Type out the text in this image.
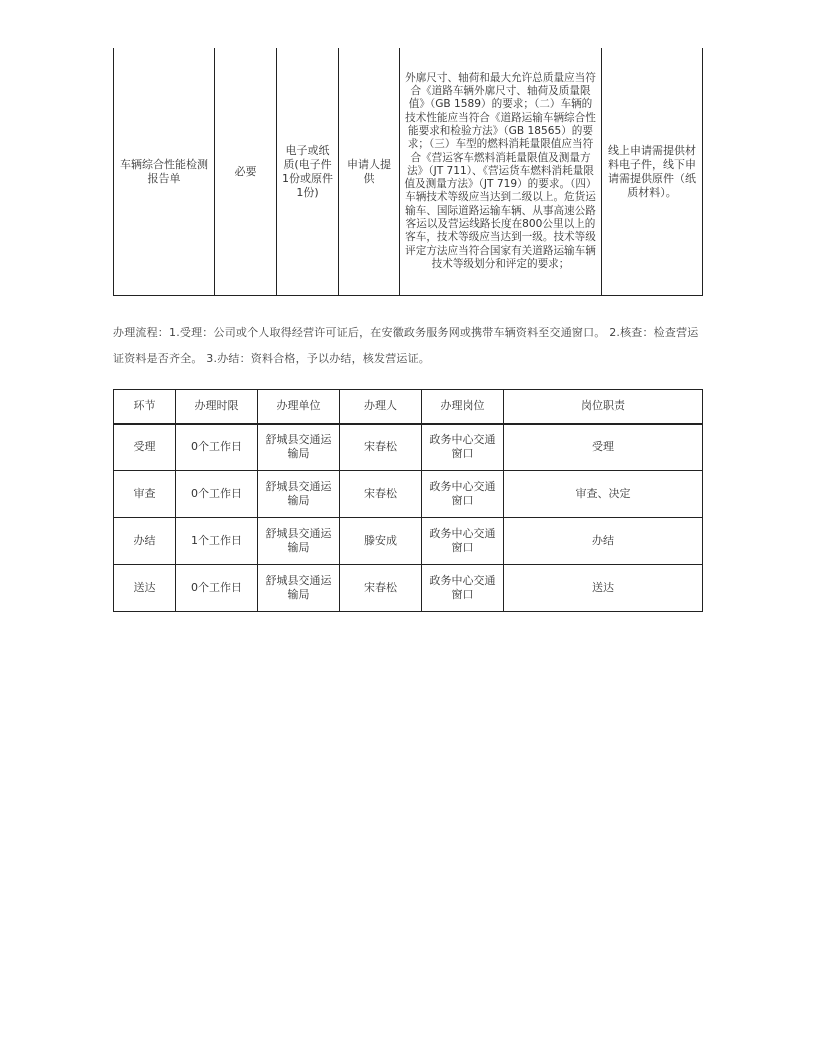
车辆综合性能检测报告单	必要	电子或纸质(电子件1份或原件1份)	申请人提供	外廓尺寸、轴荷和最大允许总质量应当符合《道路车辆外廓尺寸、轴荷及质量限值》（GB 1589）的要求；（二）车辆的技术性能应当符合《道路运输车辆综合性能要求和检验方法》（GB 18565）的要求；（三）车型的燃料消耗量限值应当符合《营运客车燃料消耗量限值及测量方法》（JT 711）、《营运货车燃料消耗量限值及测量方法》（JT 719）的要求。（四）车辆技术等级应当达到二级以上。危货运输车、国际道路运输车辆、从事高速公路客运以及营运线路长度在800公里以上的客车，技术等级应当达到一级。技术等级评定方法应当符合国家有关道路运输车辆技术等级划分和评定的要求；	线上申请需提供材料电子件，线下申请需提供原件（纸质材料）。
办理流程：1.受理：公司或个人取得经营许可证后，在安徽政务服务网或携带车辆资料至交通窗口。 2.核查：检查营运证资料是否齐全。 3.办结：资料合格，予以办结，核发营运证。
环节	办理时限	办理单位	办理人	办理岗位	岗位职责
受理	0个工作日	舒城县交通运输局	宋春松	政务中心交通窗口	受理
审查	0个工作日	舒城县交通运输局	宋春松	政务中心交通窗口	审查、决定
办结	1个工作日	舒城县交通运输局	滕安成	政务中心交通窗口	办结
送达	0个工作日	舒城县交通运输局	宋春松	政务中心交通窗口	送达
